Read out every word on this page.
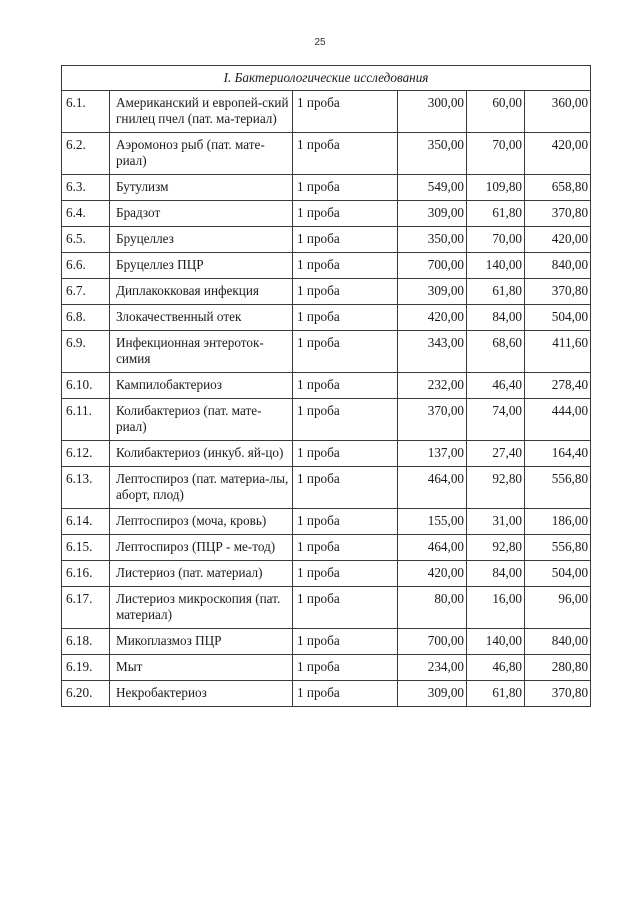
25
I. Бактериологические исследования					
6.1.	Американский и европей-ский гнилец пчел (пат. ма-териал)	1 проба	300,00	60,00	360,00
6.2.	Аэромоноз рыб (пат. мате-риал)	1 проба	350,00	70,00	420,00
6.3.	Бутулизм	1 проба	549,00	109,80	658,80
6.4.	Брадзот	1 проба	309,00	61,80	370,80
6.5.	Бруцеллез	1 проба	350,00	70,00	420,00
6.6.	Бруцеллез ПЦР	1 проба	700,00	140,00	840,00
6.7.	Диплакокковая инфекция	1 проба	309,00	61,80	370,80
6.8.	Злокачественный отек	1 проба	420,00	84,00	504,00
6.9.	Инфекционная энтероток-симия	1 проба	343,00	68,60	411,60
6.10.	Кампилобактериоз	1 проба	232,00	46,40	278,40
6.11.	Колибактериоз (пат. мате-риал)	1 проба	370,00	74,00	444,00
6.12.	Колибактериоз (инкуб. яй-цо)	1 проба	137,00	27,40	164,40
6.13.	Лептоспироз (пат. материа-лы, аборт, плод)	1 проба	464,00	92,80	556,80
6.14.	Лептоспироз (моча, кровь)	1 проба	155,00	31,00	186,00
6.15.	Лептоспироз (ПЦР - ме-тод)	1 проба	464,00	92,80	556,80
6.16.	Листериоз (пат. материал)	1 проба	420,00	84,00	504,00
6.17.	Листериоз микроскопия (пат. материал)	1 проба	80,00	16,00	96,00
6.18.	Микоплазмоз ПЦР	1 проба	700,00	140,00	840,00
6.19.	Мыт	1 проба	234,00	46,80	280,80
6.20.	Некробактериоз	1 проба	309,00	61,80	370,80
